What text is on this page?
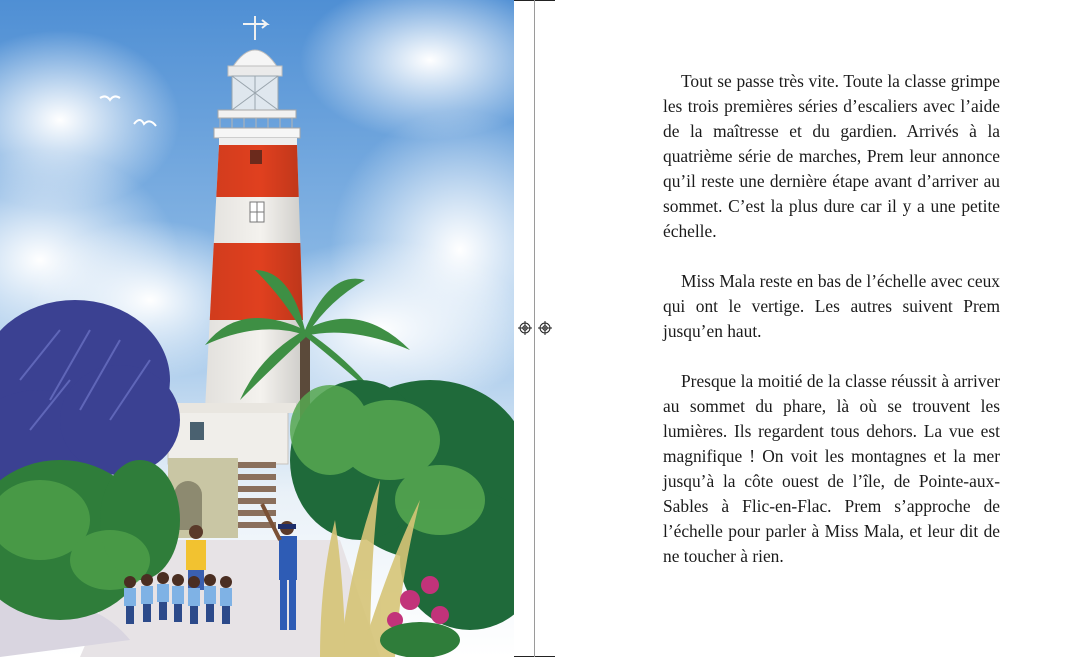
Tout se passe très vite. Toute la classe grimpe les trois premières séries d’escaliers avec l’aide de la maîtresse et du gardien. Arrivés à la quatrième série de marches, Prem leur annonce qu’il reste une dernière étape avant d’arriver au sommet. C’est la plus dure car il y a une petite échelle.

Miss Mala reste en bas de l’échelle avec ceux qui ont le vertige. Les autres suivent Prem jusqu’en haut.

Presque la moitié de la classe réussit à arriver au sommet du phare, là où se trouvent les lumières. Ils regardent tous dehors. La vue est magnifique ! On voit les montagnes et la mer jusqu’à la côte ouest de l’île, de Pointe-aux-Sables à Flic-en-Flac. Prem s’approche de l’échelle pour parler à Miss Mala, et leur dit de ne toucher à rien.
